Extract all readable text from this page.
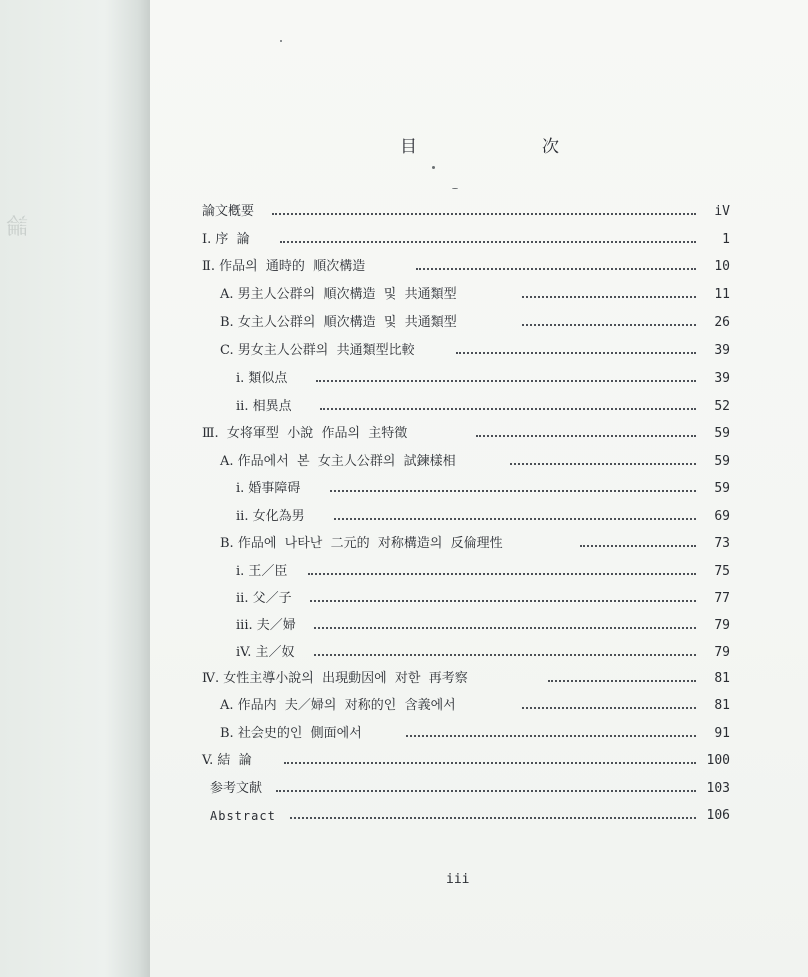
論
目	次
論文槪要	iV
I. 序  論	1
Ⅱ. 作品의  通時的  順次構造	10
A. 男主人公群의  順次構造  및  共通類型	11
B. 女主人公群의  順次構造  및  共通類型	26
C. 男女主人公群의  共通類型比較	39
i. 類似点	39
ii. 相異点	52
Ⅲ.  女将軍型  小說  作品의  主特徵	59
A. 作品에서  본  女主人公群의  試鍊樣相	59
i. 婚事障碍	59
ii. 女化為男	69
B. 作品에  나타난  二元的  对称構造의  反倫理性	73
i. 王／臣	75
ii. 父／子	77
iii. 夫／婦	79
iV. 主／奴	79
Ⅳ. 女性主導小說의  出現動因에  对한  再考察	81
A. 作品内  夫／婦의  对称的인  含義에서	81
B. 社会史的인  側面에서	91
V. 結  論	100
参考文献	103
Abstract	106
iii
